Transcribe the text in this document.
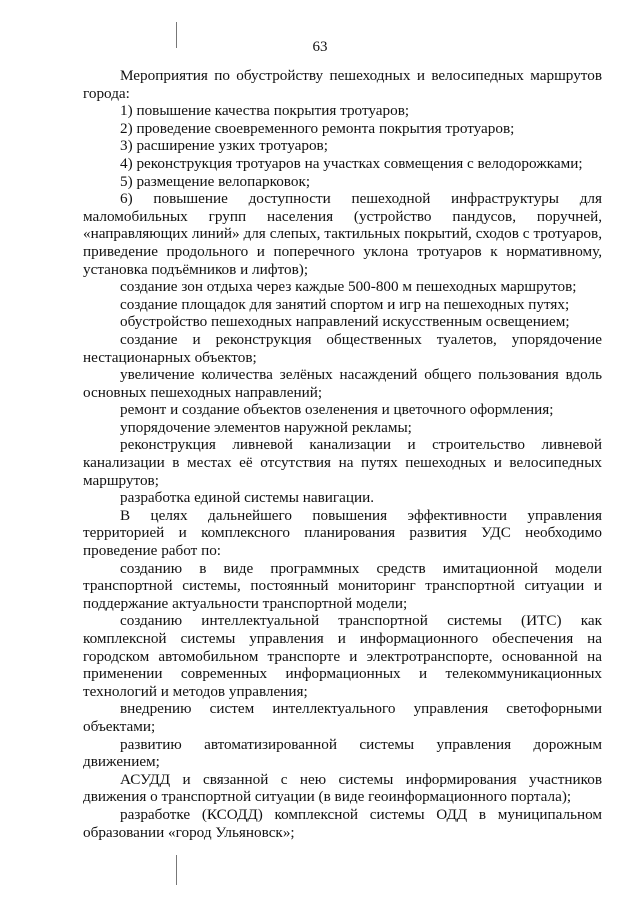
63

Мероприятия по обустройству пешеходных и велосипедных маршрутов города:

1) повышение качества покрытия тротуаров;

2) проведение своевременного ремонта покрытия тротуаров;

3) расширение узких тротуаров;

4) реконструкция тротуаров на участках совмещения с велодорожками;

5) размещение велопарковок;

6) повышение доступности пешеходной инфраструктуры для маломобильных групп населения (устройство пандусов, поручней, «направляющих линий» для слепых, тактильных покрытий, сходов с тротуаров, приведение продольного и поперечного уклона тротуаров к нормативному, установка подъёмников и лифтов);

создание зон отдыха через каждые 500-800 м пешеходных маршрутов;

создание площадок для занятий спортом и игр на пешеходных путях;

обустройство пешеходных направлений искусственным освещением;

создание и реконструкция общественных туалетов, упорядочение нестационарных объектов;

увеличение количества зелёных насаждений общего пользования вдоль основных пешеходных направлений;

ремонт и создание объектов озеленения и цветочного оформления;

упорядочение элементов наружной рекламы;

реконструкция ливневой канализации и строительство ливневой канализации в местах её отсутствия на путях пешеходных и велосипедных маршрутов;

разработка единой системы навигации.

В целях дальнейшего повышения эффективности управления территорией и комплексного планирования развития УДС необходимо проведение работ по:

созданию в виде программных средств имитационной модели транспортной системы, постоянный мониторинг транспортной ситуации и поддержание актуальности транспортной модели;

созданию интеллектуальной транспортной системы (ИТС) как комплексной системы управления и информационного обеспечения на городском автомобильном транспорте и электротранспорте, основанной на применении современных информационных и телекоммуникационных технологий и методов управления;

внедрению систем интеллектуального управления светофорными объектами;

развитию автоматизированной системы управления дорожным движением;

АСУДД и связанной с нею системы информирования участников движения о транспортной ситуации (в виде геоинформационного портала);

разработке (КСОДД) комплексной системы ОДД в муниципальном образовании «город Ульяновск»;
